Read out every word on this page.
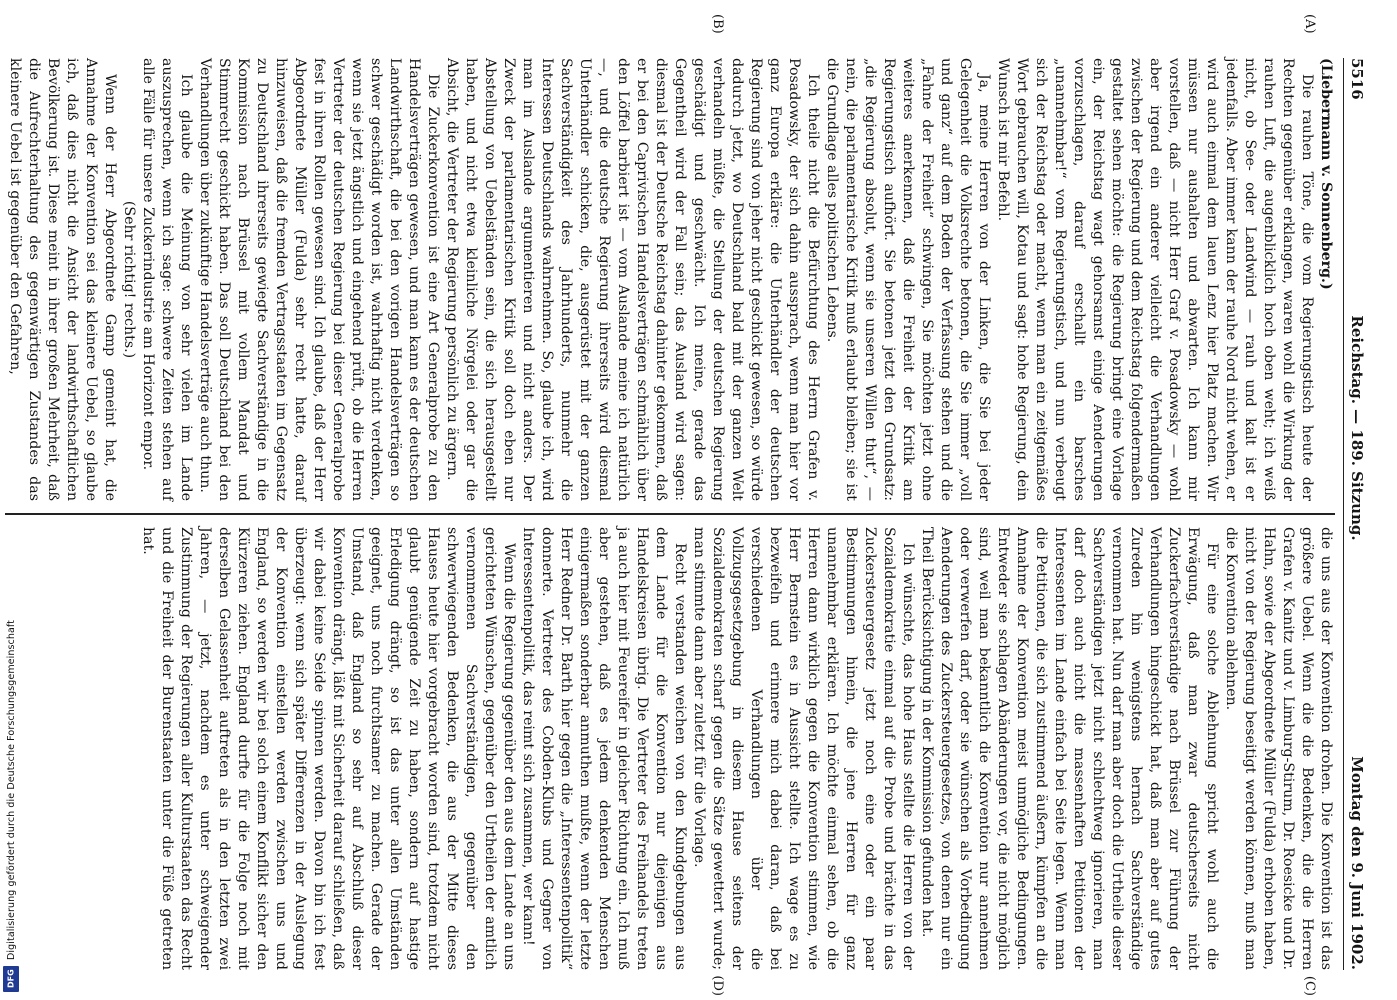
Digitalisierung gefördert durch die Deutsche Forschungsgemeinschaft
DFG
5516
Reichstag. — 189. Sitzung.
Montag den 9. Juni 1902.
(A)
(B)
(C)
(D)

(Liebermann v. Sonnenberg.)

Die rauhen Töne, die vom Regierungstisch heute der Rechten gegenüber erklangen, waren wohl die Wirkung der rauhen Luft, die augenblicklich hoch oben weht; ich weiß nicht, ob See- oder Landwind — rauh und kalt ist er jedenfalls. Aber immer kann der rauhe Nord nicht wehen, er wird auch einmal dem lauen Lenz hier Platz machen. Wir müssen nur aushalten und abwarten. Ich kann mir vorstellen, daß — nicht Herr Graf v. Posadowsky — wohl aber irgend ein anderer vielleicht die Verhandlungen zwischen der Regierung und dem Reichstag folgendermaßen gestaltet sehen möchte: die Regierung bringt eine Vorlage ein, der Reichstag wagt gehorsamst einige Aenderungen vorzuschlagen, darauf erschallt ein barsches „unannehmbar!“ vom Regierungstisch, und nun verbeugt sich der Reichstag oder macht, wenn man ein zeitgemäßes Wort gebrauchen will, Kotau und sagt: hohe Regierung, dein Wunsch ist mir Befehl.

Ja, meine Herren von der Linken, die Sie bei jeder Gelegenheit die Volksrechte betonen, die Sie immer „voll und ganz“ auf dem Boden der Verfassung stehen und die „Fahne der Freiheit“ schwingen, Sie möchten jetzt ohne weiteres anerkennen, daß die Freiheit der Kritik am Regierungstisch aufhört. Sie betonen jetzt den Grundsatz: „die Regierung absolut, wenn sie unseren Willen thut“, — nein, die parlamentarische Kritik muß erlaubt bleiben; sie ist die Grundlage alles politischen Lebens.

Ich theile nicht die Befürchtung des Herrn Grafen v. Posadowsky, der sich dahin aussprach, wenn man hier vor ganz Europa erkläre: die Unterhändler der deutschen Regierung sind von jeher nicht geschickt gewesen, so würde dadurch jetzt, wo Deutschland bald mit der ganzen Welt verhandeln müßte, die Stellung der deutschen Regierung geschädigt und geschwächt. Ich meine, gerade das Gegentheil wird der Fall sein; das Ausland wird sagen: diesmal ist der Deutsche Reichstag dahinter gekommen, daß er bei den Caprivischen Handelsverträgen schmählich über den Löffel barbiert ist — vom Auslande meine ich natürlich —, und die deutsche Regierung ihrerseits wird diesmal Unterhändler schicken, die, ausgerüstet mit der ganzen Sachverständigkeit des Jahrhunderts, nunmehr die Interessen Deutschlands wahrnehmen. So, glaube ich, wird man im Auslande argumentieren und nicht anders. Der Zweck der parlamentarischen Kritik soll doch eben nur Abstellung von Uebelständen sein, die sich herausgestellt haben, und nicht etwa kleinliche Nörgelei oder gar die Absicht, die Vertreter der Regierung persönlich zu ärgern.

Die Zuckerkonvention ist eine Art Generalprobe zu den Handelsverträgen gewesen, und man kann es der deutschen Landwirthschaft, die bei den vorigen Handelsverträgen so schwer geschädigt worden ist, wahrhaftig nicht verdenken, wenn sie jetzt ängstlich und eingehend prüft, ob die Herren Vertreter der deutschen Regierung bei dieser Generalprobe fest in ihren Rollen gewesen sind. Ich glaube, daß der Herr Abgeordnete Müller (Fulda) sehr recht hatte, darauf hinzuweisen, daß die fremden Vertragsstaaten im Gegensatz zu Deutschland ihrerseits gewiegte Sachverständige in die Kommission nach Brüssel mit vollem Mandat und Stimmrecht geschickt haben. Das soll Deutschland bei den Verhandlungen über zukünftige Handelsverträge auch thun.

Ich glaube die Meinung von sehr vielen im Lande auszusprechen, wenn ich sage: schwere Zeiten stehen auf alle Fälle für unsere Zuckerindustrie am Horizont empor.

(Sehr richtig! rechts.)

Wenn der Herr Abgeordnete Gamp gemeint hat, die Annahme der Konvention sei das kleinere Uebel, so glaube ich, daß dies nicht die Ansicht der landwirthschaftlichen Bevölkerung ist. Diese meint in ihrer großen Mehrheit, daß die Aufrechterhaltung des gegenwärtigen Zustandes das kleinere Uebel ist gegenüber den Gefahren,

die uns aus der Konvention drohen. Die Konvention ist das größere Uebel. Wenn die die Bedenken, die die Herren Grafen v. Kanitz und v. Limburg-Stirum, Dr. Roesicke und Dr. Hahn, sowie der Abgeordnete Müller (Fulda) erhoben haben, nicht von der Regierung beseitigt werden können, muß man die Konvention ablehnen.

Für eine solche Ablehnung spricht wohl auch die Erwägung, daß man zwar deutscherseits nicht Zuckerfachverständige nach Brüssel zur Führung der Verhandlungen hingeschickt hat, daß man aber auf gutes Zureden hin wenigstens hernach Sachverständige vernommen hat. Nun darf man aber doch die Urtheile dieser Sachverständigen jetzt nicht schlechtweg ignorieren, man darf doch auch nicht die massenhaften Petitionen der Interessenten im Lande einfach bei Seite legen. Wenn man die Petitionen, die sich zustimmend äußern, kümpfen an die Annahme der Konvention meist unmögliche Bedingungen. Entweder sie schlagen Abänderungen vor, die nicht möglich sind, weil man bekanntlich die Konvention nur annehmen oder verwerfen darf, oder sie wünschen als Vorbedingung Aenderungen des Zuckersteuergesetzes, von denen nur ein Theil Berücksichtigung in der Kommission gefunden hat.

Ich wünschte, das hohe Haus stellte die Herren von der Sozialdemokratie einmal auf die Probe und brächte in das Zuckersteuergesetz jetzt noch eine oder ein paar Bestimmungen hinein, die jene Herren für ganz unannehmbar erklären. Ich möchte einmal sehen, ob die Herren dann wirklich gegen die Konvention stimmen, wie Herr Bernstein es in Aussicht stellte. Ich wage es zu bezweifeln und erinnere mich dabei daran, daß bei verschiedenen Verhandlungen über die Vollzugsgesetzgebung in diesem Hause seitens der Sozialdemokraten scharf gegen die Sätze gewettert wurde; man stimmte dann aber zuletzt für die Vorlage.

Recht verstanden weichen von den Kundgebungen aus dem Lande für die Konvention nur diejenigen aus Handelskreisen übrig. Die Vertreter des Freihandels treten ja auch hier mit Feuereifer in gleicher Richtung ein. Ich muß aber gestehen, daß es jedem denkenden Menschen einigermaßen sonderbar anmuthen mußte, wenn der letzte Herr Redner Dr. Barth hier gegen die „Interessentenpolitik“ donnerte. Vertreter des Cobden-Klubs und Gegner von Interessentenpolitik, das reimt sich zusammen, wer kann!

Wenn die Regierung gegenüber den aus dem Lande an uns gerichteten Wünschen, gegenüber den Urtheilen der amtlich vernommenen Sachverständigen, gegenüber den schwerwiegenden Bedenken, die aus der Mitte dieses Hauses heute hier vorgebracht worden sind, trotzdem nicht glaubt genügende Zeit zu haben, sondern auf hastige Erledigung drängt, so ist das unter allen Umständen geeignet, uns noch furchtsamer zu machen. Gerade der Umstand, daß England so sehr auf Abschluß dieser Konvention drängt, läßt mit Sicherheit darauf schließen, daß wir dabei keine Seide spinnen werden. Davon bin ich fest überzeugt: wenn sich später Differenzen in der Auslegung der Konvention einstellen werden zwischen uns und England, so werden wir bei solch einem Konflikt sicher den Kürzeren ziehen. England durfte für die Folge noch mit derselben Gelassenheit auftreten als in den letzten zwei Jahren, — jetzt, nachdem es unter schweigender Zustimmung der Regierungen aller Kulturstaaten das Recht und die Freiheit der Burenstaaten unter die Füße getreten hat.
